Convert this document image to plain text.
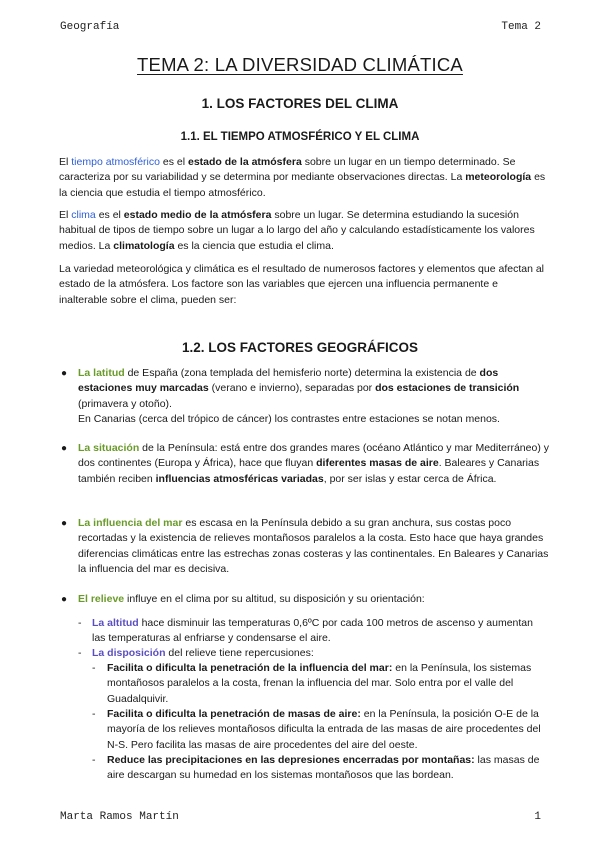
Geografía	Tema 2
TEMA 2: LA DIVERSIDAD CLIMÁTICA
1. LOS FACTORES DEL CLIMA
1.1. EL TIEMPO ATMOSFÉRICO Y EL CLIMA

El tiempo atmosférico es el estado de la atmósfera sobre un lugar en un tiempo determinado. Se caracteriza por su variabilidad y se determina por mediante observaciones directas. La meteorología es la ciencia que estudia el tiempo atmosférico.

El clima es el estado medio de la atmósfera sobre un lugar. Se determina estudiando la sucesión habitual de tipos de tiempo sobre un lugar a lo largo del año y calculando estadísticamente los valores medios. La climatología es la ciencia que estudia el clima.

La variedad meteorológica y climática es el resultado de numerosos factores y elementos que afectan al estado de la atmósfera. Los factore son las variables que ejercen una influencia permanente e inalterable sobre el clima, pueden ser:

1.2. LOS FACTORES GEOGRÁFICOS
● La latitud de España (zona templada del hemisferio norte) determina la existencia de dos estaciones muy marcadas (verano e invierno), separadas por dos estaciones de transición (primavera y otoño).
En Canarias (cerca del trópico de cáncer) los contrastes entre estaciones se notan menos.
● La situación de la Península: está entre dos grandes mares (océano Atlántico y mar Mediterráneo) y dos continentes (Europa y África), hace que fluyan diferentes masas de aire. Baleares y Canarias también reciben influencias atmosféricas variadas, por ser islas y estar cerca de África.
● La influencia del mar es escasa en la Península debido a su gran anchura, sus costas poco recortadas y la existencia de relieves montañosos paralelos a la costa. Esto hace que haya grandes diferencias climáticas entre las estrechas zonas costeras y las continentales. En Baleares y Canarias la influencia del mar es decisiva.
● El relieve influye en el clima por su altitud, su disposición y su orientación:
- La altitud hace disminuir las temperaturas 0,6ºC por cada 100 metros de ascenso y aumentan las temperaturas al enfriarse y condensarse el aire.
- La disposición del relieve tiene repercusiones:
- Facilita o dificulta la penetración de la influencia del mar: en la Península, los sistemas montañosos paralelos a la costa, frenan la influencia del mar. Solo entra por el valle del Guadalquivir.
- Facilita o dificulta la penetración de masas de aire: en la Península, la posición O-E de la mayoría de los relieves montañosos dificulta la entrada de las masas de aire procedentes del N-S. Pero facilita las masas de aire procedentes del aire del oeste.
- Reduce las precipitaciones en las depresiones encerradas por montañas: las masas de aire descargan su humedad en los sistemas montañosos que las bordean.
Marta Ramos Martín	1
